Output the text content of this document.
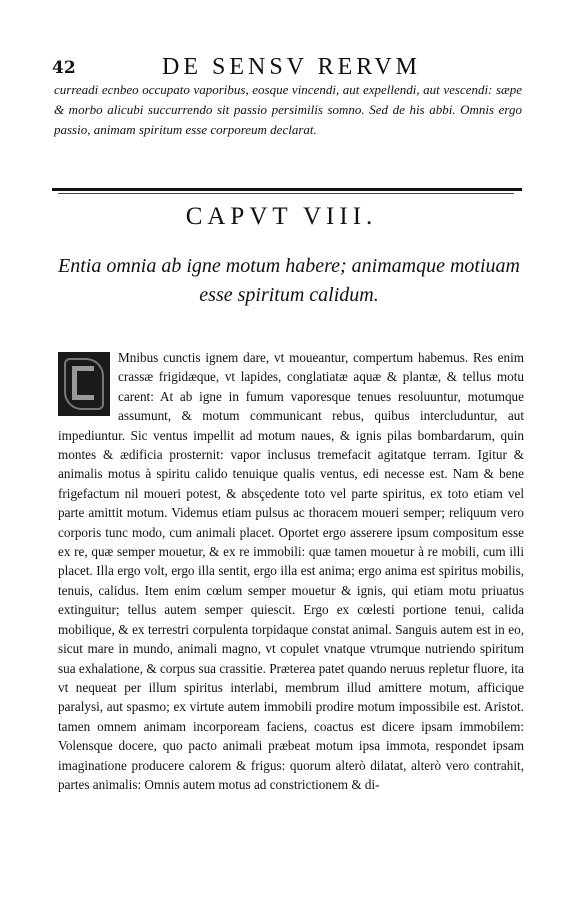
42	DE SENSV RERVM
curreadi ecnbeo occupato vaporibus, eosque vincendi, aut expellendi, aut vescendi: sæpe & morbo alicubi succurrendo sit passio persimilis somno. Sed de his abbi. Omnis ergo passio, animam spiritum esse corporeum declarat.
CAPVT VIII.
Entia omnia ab igne motum habere; animamque motiuam esse spiritum calidum.
Mnibus cunctis ignem dare, vt moueantur, compertum habemus. Res enim crassæ frigidæque, vt lapides, conglatiatæ aquæ & plantæ, & tellus motu carent: At ab igne in fumum vaporesque tenues resoluuntur, motumque assumunt, & motum communicant rebus, quibus intercluduntur, aut impediuntur. Sic ventus impellit ad motum naues, & ignis pilas bombardarum, quin montes & ædificia prosternit: vapor inclusus tremefacit agitatque terram. Igitur & animalis motus à spiritu calido tenuique qualis ventus, edi necesse est. Nam & bene frigefactum nil moueri potest, & absçedente toto vel parte spiritus, ex toto etiam vel parte amittit motum. Videmus etiam pulsus ac thoracem moueri semper; reliquum vero corporis tunc modo, cum animali placet. Oportet ergo asserere ipsum compositum esse ex re, quæ semper mouetur, & ex re immobili: quæ tamen mouetur à re mobili, cum illi placet. Illa ergo volt, ergo illa sentit, ergo illa est anima; ergo anima est spiritus mobilis, tenuis, calidus. Item enim cœlum semper mouetur & ignis, qui etiam motu priuatus extinguitur; tellus autem semper quiescit. Ergo ex cœlesti portione tenui, calida mobilique, & ex terrestri corpulenta torpidaque constat animal. Sanguis autem est in eo, sicut mare in mundo, animali magno, vt copulet vnatque vtrumque nutriendo spiritum sua exhalatione, & corpus sua crassitie. Præterea patet quando neruus repletur fluore, ita vt nequeat per illum spiritus interlabi, membrum illud amittere motum, afficique paralysi, aut spasmo; ex virtute autem immobili prodire motum impossibile est. Aristot. tamen omnem animam incorpoream faciens, coactus est dicere ipsam immobilem: Volensque docere, quo pacto animali præbeat motum ipsa immota, respondet ipsam imaginatione producere calorem & frigus: quorum alterò dilatat, alterò vero contrahit, partes animalis: Omnis autem motus ad constrictionem & di-
